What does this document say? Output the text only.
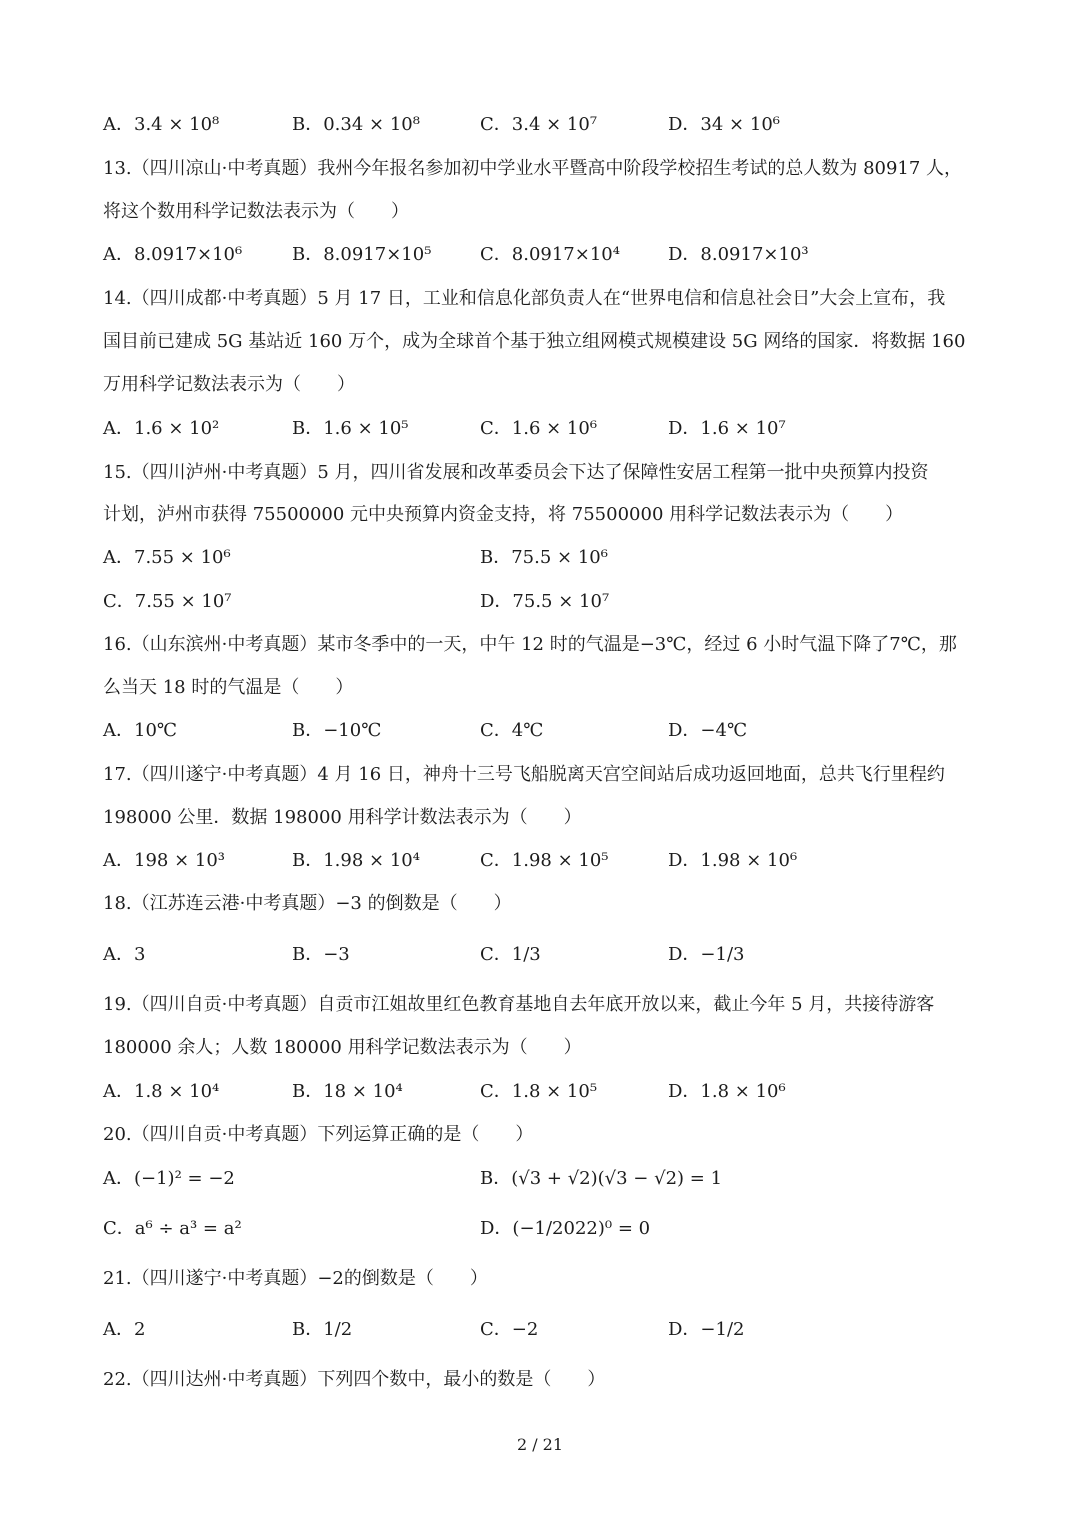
A．3.4 × 10⁸	B．0.34 × 10⁸	C．3.4 × 10⁷	D．34 × 10⁶
13.（四川凉山·中考真题）我州今年报名参加初中学业水平暨高中阶段学校招生考试的总人数为 80917 人，
将这个数用科学记数法表示为（　　）
A．8.0917×10⁶	B．8.0917×10⁵	C．8.0917×10⁴	D．8.0917×10³
14.（四川成都·中考真题）5 月 17 日，工业和信息化部负责人在“世界电信和信息社会日”大会上宣布，我
国目前已建成 5G 基站近 160 万个，成为全球首个基于独立组网模式规模建设 5G 网络的国家．将数据 160
万用科学记数法表示为（　　）
A．1.6 × 10²	B．1.6 × 10⁵	C．1.6 × 10⁶	D．1.6 × 10⁷
15.（四川泸州·中考真题）5 月，四川省发展和改革委员会下达了保障性安居工程第一批中央预算内投资
计划，泸州市获得 75500000 元中央预算内资金支持，将 75500000 用科学记数法表示为（　　）
A．7.55 × 10⁶	B．75.5 × 10⁶
C．7.55 × 10⁷	D．75.5 × 10⁷
16.（山东滨州·中考真题）某市冬季中的一天，中午 12 时的气温是−3℃，经过 6 小时气温下降了7℃，那
么当天 18 时的气温是（　　）
A．10℃	B．−10℃	C．4℃	D．−4℃
17.（四川遂宁·中考真题）4 月 16 日，神舟十三号飞船脱离天宫空间站后成功返回地面，总共飞行里程约
198000 公里．数据 198000 用科学计数法表示为（　　）
A．198 × 10³	B．1.98 × 10⁴	C．1.98 × 10⁵	D．1.98 × 10⁶
18.（江苏连云港·中考真题）−3 的倒数是（　　）
A．3	B．−3	C．1/3	D．−1/3
19.（四川自贡·中考真题）自贡市江姐故里红色教育基地自去年底开放以来，截止今年 5 月，共接待游客
180000 余人；人数 180000 用科学记数法表示为（　　）
A．1.8 × 10⁴	B．18 × 10⁴	C．1.8 × 10⁵	D．1.8 × 10⁶
20.（四川自贡·中考真题）下列运算正确的是（　　）
A．(−1)² = −2	B．(√3 + √2)(√3 − √2) = 1
C．a⁶ ÷ a³ = a²	D．(−1/2022)⁰ = 0
21.（四川遂宁·中考真题）−2的倒数是（　　）
A．2	B．1/2	C．−2	D．−1/2
22.（四川达州·中考真题）下列四个数中，最小的数是（　　）
2 / 21
